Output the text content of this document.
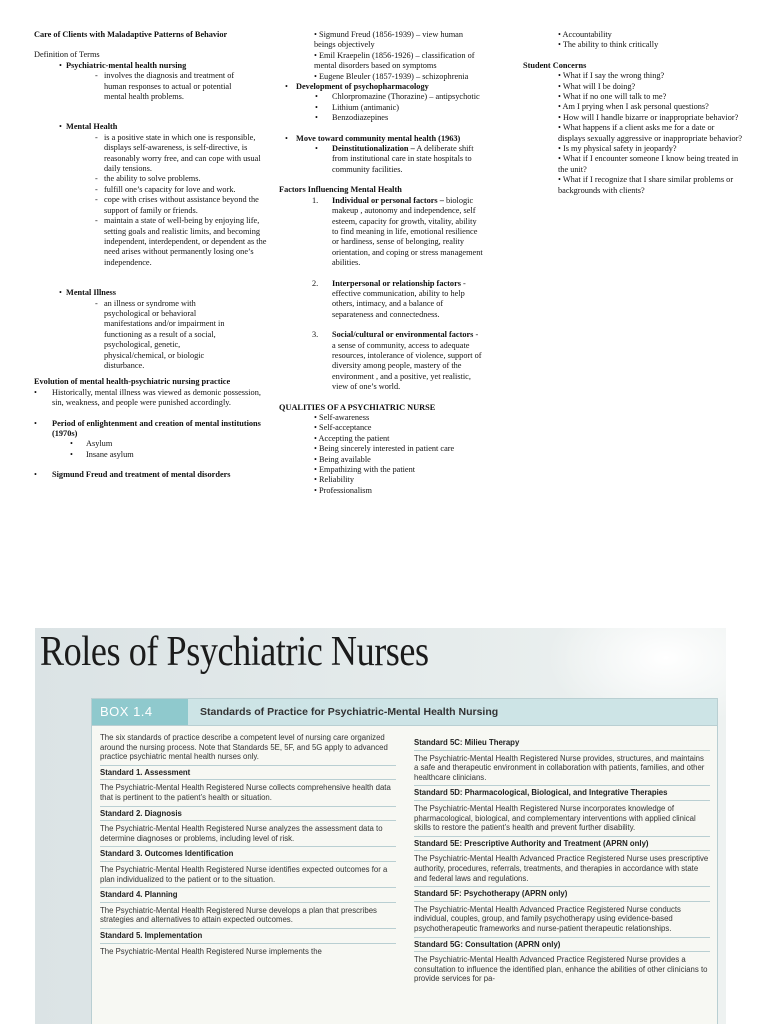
Care of Clients with Maladaptive Patterns of Behavior
Definition of Terms
• Psychiatric-mental health nursing
- involves the diagnosis and treatment of human responses to actual or potential mental health problems.
• Mental Health
- is a positive state in which one is responsible, displays self-awareness, is self-directive, is reasonably worry free, and can cope with usual daily tensions.
- the ability to solve problems.
- fulfill one’s capacity for love and work.
- cope with crises without assistance beyond the support of family or friends.
- maintain a state of well-being by enjoying life, setting goals and realistic limits, and becoming independent, interdependent, or dependent as the need arises without permanently losing one’s independence.
• Mental Illness
- an illness or syndrome with psychological or behavioral manifestations and/or impairment in functioning as a result of a social, psychological, genetic, physical/chemical, or biologic disturbance.
Evolution of mental health-psychiatric nursing practice
•	Historically, mental illness was viewed as demonic possession, sin, weakness, and people were punished accordingly.
•	Period of enlightenment and creation of mental institutions (1970s)
•	Asylum
•	Insane asylum
•	Sigmund Freud and treatment of mental disorders
• Sigmund Freud (1856-1939) – view human beings objectively
• Emil Kraepelin (1856-1926) – classification of mental disorders based on symptoms
• Eugene Bleuler (1857-1939) – schizophrenia
• Development of psychopharmacology
•	Chlorpromazine (Thorazine) – antipsychotic
•	Lithium (antimanic)
•	Benzodiazepines
• Move toward community mental health (1963)
•	Deinstitutionalization – A deliberate shift from institutional care in state hospitals to community facilities.
Factors Influencing Mental Health
1.	Individual or personal factors – biologic makeup , autonomy and independence, self esteem, capacity for growth, vitality, ability to find meaning in life, emotional resilience or hardiness, sense of belonging, reality orientation, and coping or stress management abilities.
2.	Interpersonal or relationship factors - effective communication, ability to help others, intimacy, and a balance of separateness and connectedness.
3.	Social/cultural or environmental factors - a sense of community, access to adequate resources, intolerance of violence, support of diversity among people, mastery of the environment , and a positive, yet realistic, view of one’s world.
QUALITIES OF A PSYCHIATRIC NURSE
• Self-awareness
• Self-acceptance
• Accepting the patient
• Being sincerely interested in patient care
• Being available
• Empathizing with the patient
• Reliability
• Professionalism
• Accountability
• The ability to think critically
Student Concerns
• What if I say the wrong thing?
• What will I be doing?
• What if no one will talk to me?
• Am I prying when I ask personal questions?
• How will I handle bizarre or inappropriate behavior?
• What happens if a client asks me for a date or displays sexually aggressive or inappropriate behavior?
• Is my physical safety in jeopardy?
• What if I encounter someone I know being treated in the unit?
• What if I recognize that I share similar problems or backgrounds with clients?
Roles of Psychiatric Nurses
BOX 1.4	Standards of Practice for Psychiatric-Mental Health Nursing
The six standards of practice describe a competent level of nursing care organized around the nursing process. Note that Standards 5E, 5F, and 5G apply to advanced practice psychiatric mental health nurses only.
Standard 1. Assessment
The Psychiatric-Mental Health Registered Nurse collects comprehensive health data that is pertinent to the patient’s health or situation.
Standard 2. Diagnosis
The Psychiatric-Mental Health Registered Nurse analyzes the assessment data to determine diagnoses or problems, including level of risk.
Standard 3. Outcomes Identification
The Psychiatric-Mental Health Registered Nurse identifies expected outcomes for a plan individualized to the patient or to the situation.
Standard 4. Planning
The Psychiatric-Mental Health Registered Nurse develops a plan that prescribes strategies and alternatives to attain expected outcomes.
Standard 5. Implementation
The Psychiatric-Mental Health Registered Nurse implements the
Standard 5C: Milieu Therapy
The Psychiatric-Mental Health Registered Nurse provides, structures, and maintains a safe and therapeutic environment in collaboration with patients, families, and other healthcare clinicians.
Standard 5D: Pharmacological, Biological, and Integrative Therapies
The Psychiatric-Mental Health Registered Nurse incorporates knowledge of pharmacological, biological, and complementary interventions with applied clinical skills to restore the patient’s health and prevent further disability.
Standard 5E: Prescriptive Authority and Treatment (APRN only)
The Psychiatric-Mental Health Advanced Practice Registered Nurse uses prescriptive authority, procedures, referrals, treatments, and therapies in accordance with state and federal laws and regulations.
Standard 5F: Psychotherapy (APRN only)
The Psychiatric-Mental Health Advanced Practice Registered Nurse conducts individual, couples, group, and family psychotherapy using evidence-based psychotherapeutic frameworks and nurse-patient therapeutic relationships.
Standard 5G: Consultation (APRN only)
The Psychiatric-Mental Health Advanced Practice Registered Nurse provides a consultation to influence the identified plan, enhance the abilities of other clinicians to provide services for pa-
